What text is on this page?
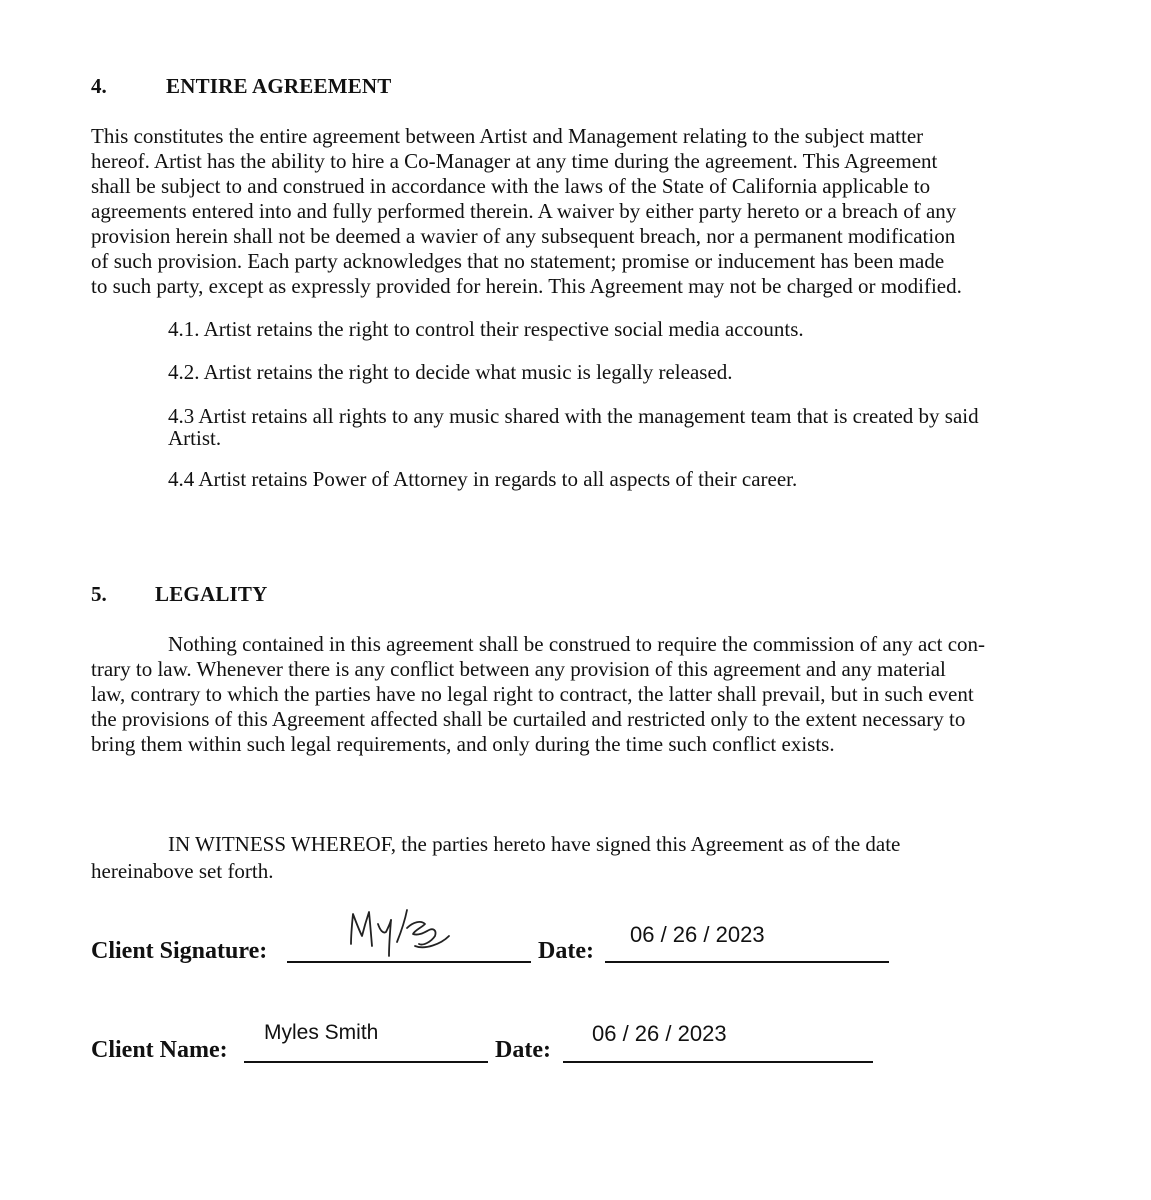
4.	ENTIRE AGREEMENT
This constitutes the entire agreement between Artist and Management relating to the subject matter
hereof. Artist has the ability to hire a Co-Manager at any time during the agreement. This Agreement
shall be subject to and construed in accordance with the laws of the State of California applicable to
agreements entered into and fully performed therein. A waiver by either party hereto or a breach of any
provision herein shall not be deemed a wavier of any subsequent breach, nor a permanent modification
of such provision. Each party acknowledges that no statement; promise or inducement has been made
to such party, except as expressly provided for herein. This Agreement may not be charged or modified.
4.1. Artist retains the right to control their respective social media accounts.
4.2. Artist retains the right to decide what music is legally released.
4.3 Artist retains all rights to any music shared with the management team that is created by said
Artist.
4.4 Artist retains Power of Attorney in regards to all aspects of their career.
5. LEGALITY
Nothing contained in this agreement shall be construed to require the commission of any act con-
trary to law. Whenever there is any conflict between any provision of this agreement and any material
law, contrary to which the parties have no legal right to contract, the latter shall prevail, but in such event
the provisions of this Agreement affected shall be curtailed and restricted only to the extent necessary to
bring them within such legal requirements, and only during the time such conflict exists.
IN WITNESS WHEREOF, the parties hereto have signed this Agreement as of the date
hereinabove set forth.
Client Signature:	Date:
06 / 26 / 2023
Client Name:
Myles Smith
Date:
06 / 26 / 2023
